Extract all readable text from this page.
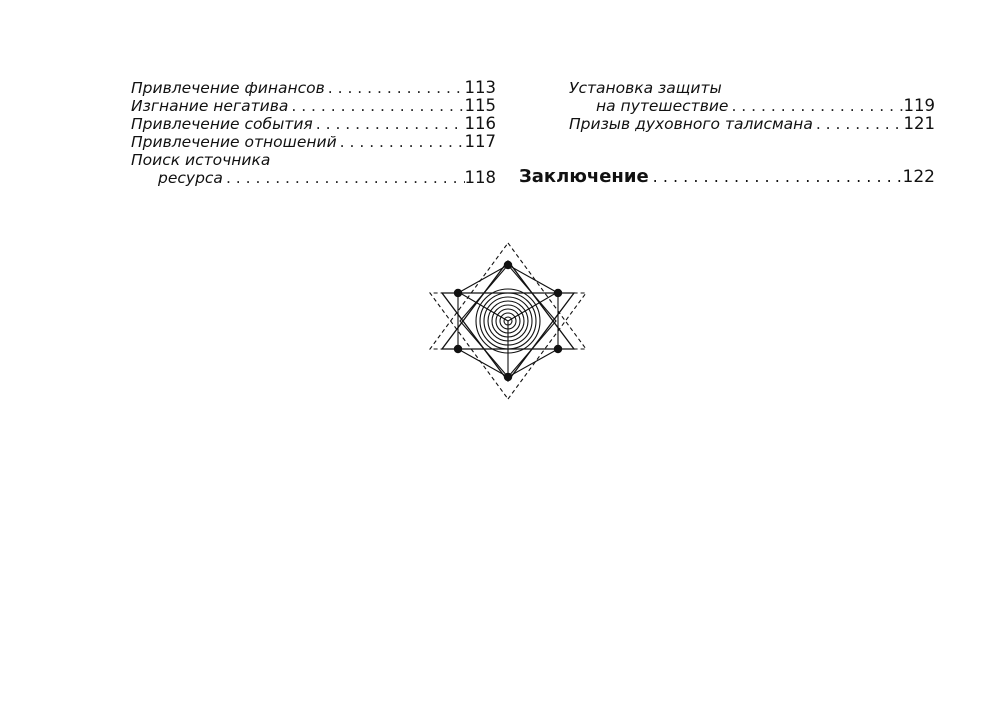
Привлечение финансов . . .	113
Изгнание негатива . . .	115
Привлечение события . . .	116
Привлечение отношений . . .	117
Поиск источника
ресурса . . .	118
Установка защиты
на путешествие . . .	119
Призыв духовного талисмана . . .	121
Заключение . . .	122
